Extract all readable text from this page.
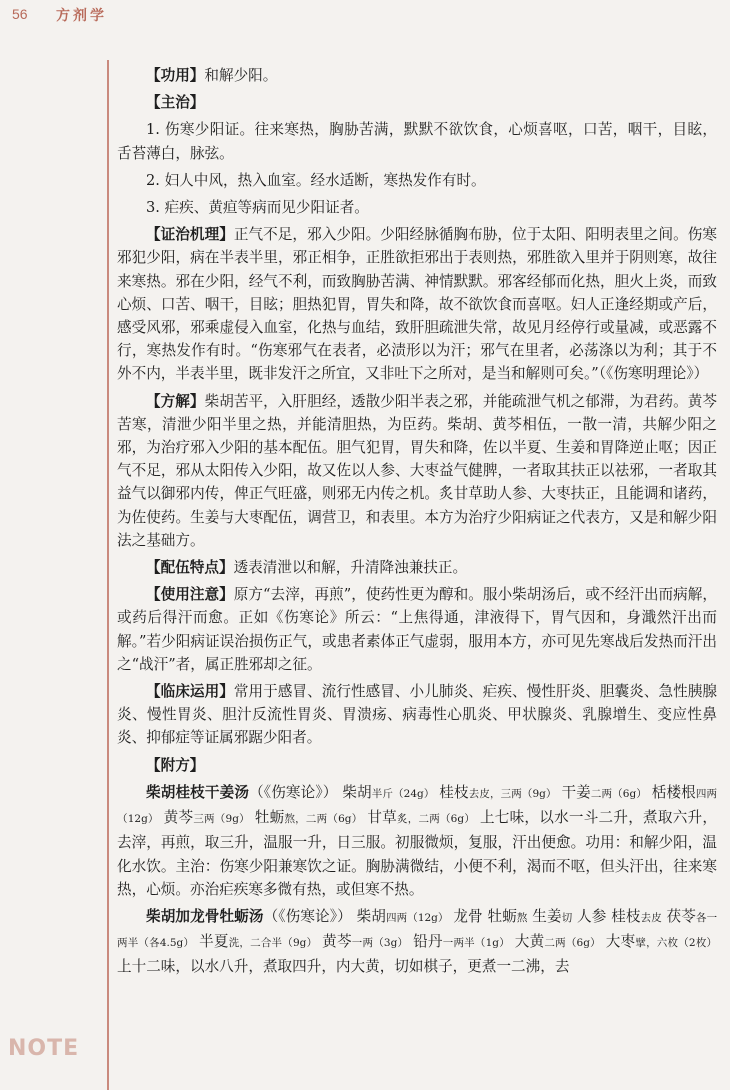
56 方剂学
NOTE

【功用】和解少阳。

【主治】

1. 伤寒少阳证。往来寒热，胸胁苦满，默默不欲饮食，心烦喜呕，口苦，咽干，目眩，舌苔薄白，脉弦。

2. 妇人中风，热入血室。经水适断，寒热发作有时。

3. 疟疾、黄疸等病而见少阳证者。

【证治机理】正气不足，邪入少阳。少阳经脉循胸布胁，位于太阳、阳明表里之间。伤寒邪犯少阳，病在半表半里，邪正相争，正胜欲拒邪出于表则热，邪胜欲入里并于阴则寒，故往来寒热。邪在少阳，经气不利，而致胸胁苦满、神情默默。邪客经郁而化热，胆火上炎，而致心烦、口苦、咽干，目眩；胆热犯胃，胃失和降，故不欲饮食而喜呕。妇人正逢经期或产后，感受风邪，邪乘虚侵入血室，化热与血结，致肝胆疏泄失常，故见月经停行或量减，或恶露不行，寒热发作有时。“伤寒邪气在表者，必渍形以为汗；邪气在里者，必荡涤以为利；其于不外不内，半表半里，既非发汗之所宜，又非吐下之所对，是当和解则可矣。”（《伤寒明理论》）

【方解】柴胡苦平，入肝胆经，透散少阳半表之邪，并能疏泄气机之郁滞，为君药。黄芩苦寒，清泄少阳半里之热，并能清胆热，为臣药。柴胡、黄芩相伍，一散一清，共解少阳之邪，为治疗邪入少阳的基本配伍。胆气犯胃，胃失和降，佐以半夏、生姜和胃降逆止呕；因正气不足，邪从太阳传入少阳，故又佐以人参、大枣益气健脾，一者取其扶正以祛邪，一者取其益气以御邪内传，俾正气旺盛，则邪无内传之机。炙甘草助人参、大枣扶正，且能调和诸药，为佐使药。生姜与大枣配伍，调营卫，和表里。本方为治疗少阳病证之代表方，又是和解少阳法之基础方。

【配伍特点】透表清泄以和解，升清降浊兼扶正。

【使用注意】原方“去滓，再煎”，使药性更为醇和。服小柴胡汤后，或不经汗出而病解，或药后得汗而愈。正如《伤寒论》所云：“上焦得通，津液得下，胃气因和，身濈然汗出而解。”若少阳病证误治损伤正气，或患者素体正气虚弱，服用本方，亦可见先寒战后发热而汗出之“战汗”者，属正胜邪却之征。

【临床运用】常用于感冒、流行性感冒、小儿肺炎、疟疾、慢性肝炎、胆囊炎、急性胰腺炎、慢性胃炎、胆汁反流性胃炎、胃溃疡、病毒性心肌炎、甲状腺炎、乳腺增生、变应性鼻炎、抑郁症等证属邪踞少阳者。

【附方】

柴胡桂枝干姜汤（《伤寒论》） 柴胡半斤（24g） 桂枝去皮，三两（9g） 干姜二两（6g） 栝楼根四两（12g） 黄芩三两（9g） 牡蛎熬，二两（6g） 甘草炙，二两（6g） 上七味，以水一斗二升，煮取六升，去滓，再煎，取三升，温服一升，日三服。初服微烦，复服，汗出便愈。功用：和解少阳，温化水饮。主治：伤寒少阳兼寒饮之证。胸胁满微结，小便不利，渴而不呕，但头汗出，往来寒热，心烦。亦治疟疾寒多微有热，或但寒不热。

柴胡加龙骨牡蛎汤（《伤寒论》） 柴胡四两（12g） 龙骨 牡蛎熬 生姜切 人参 桂枝去皮 茯苓各一两半（各4.5g） 半夏洗，二合半（9g） 黄芩一两（3g） 铅丹一两半（1g） 大黄二两（6g） 大枣擘，六枚（2枚） 上十二味，以水八升，煮取四升，内大黄，切如棋子，更煮一二沸，去
